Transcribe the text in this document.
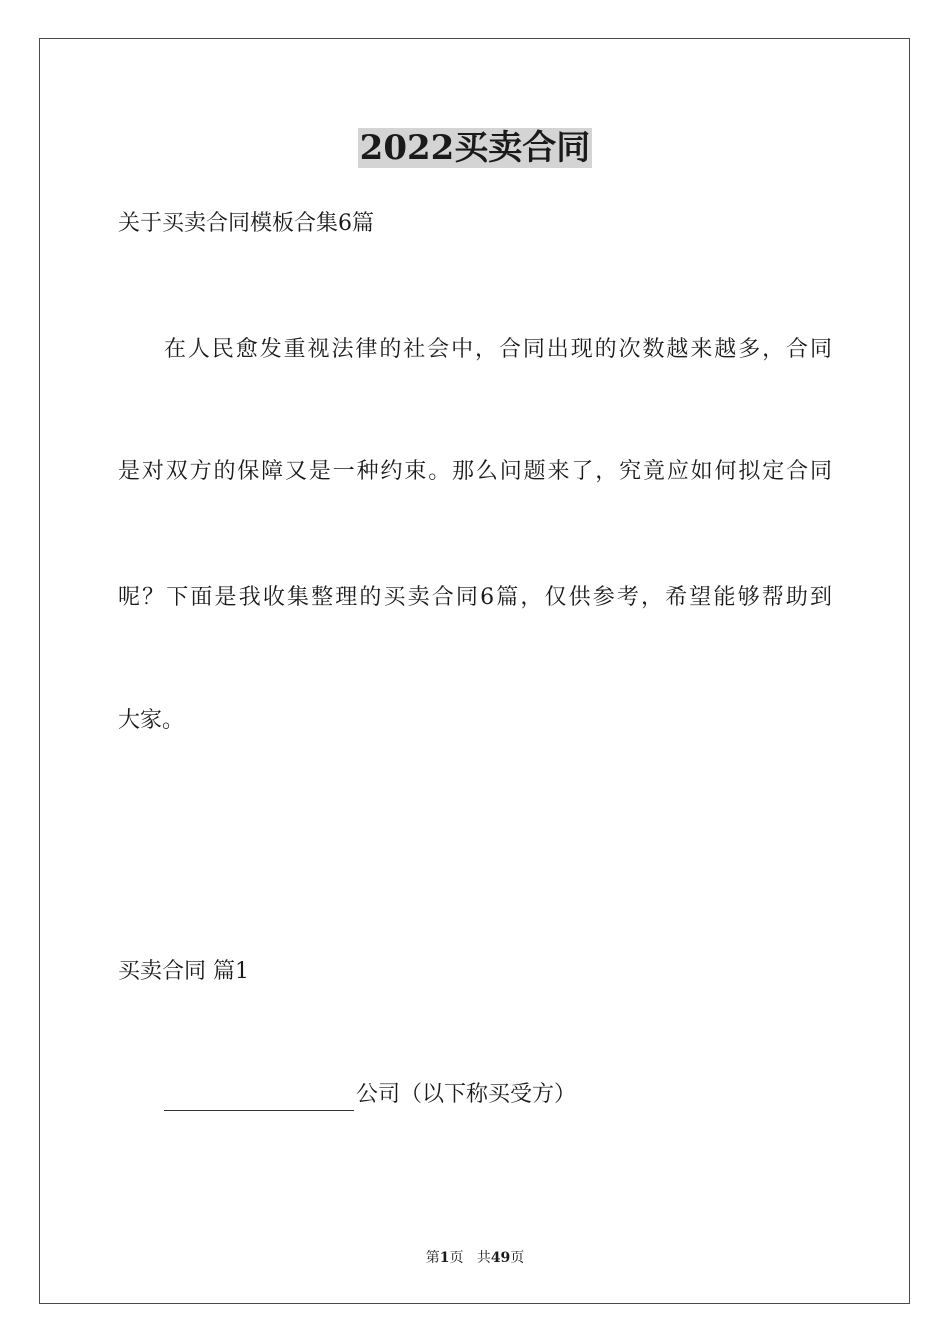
2022买卖合同
关于买卖合同模板合集6篇
在人民愈发重视法律的社会中，合同出现的次数越来越多，合同
是对双方的保障又是一种约束。那么问题来了，究竟应如何拟定合同
呢？下面是我收集整理的买卖合同6篇，仅供参考，希望能够帮助到
大家。
买卖合同 篇1
公司（以下称买受方）
第1页 共49页
